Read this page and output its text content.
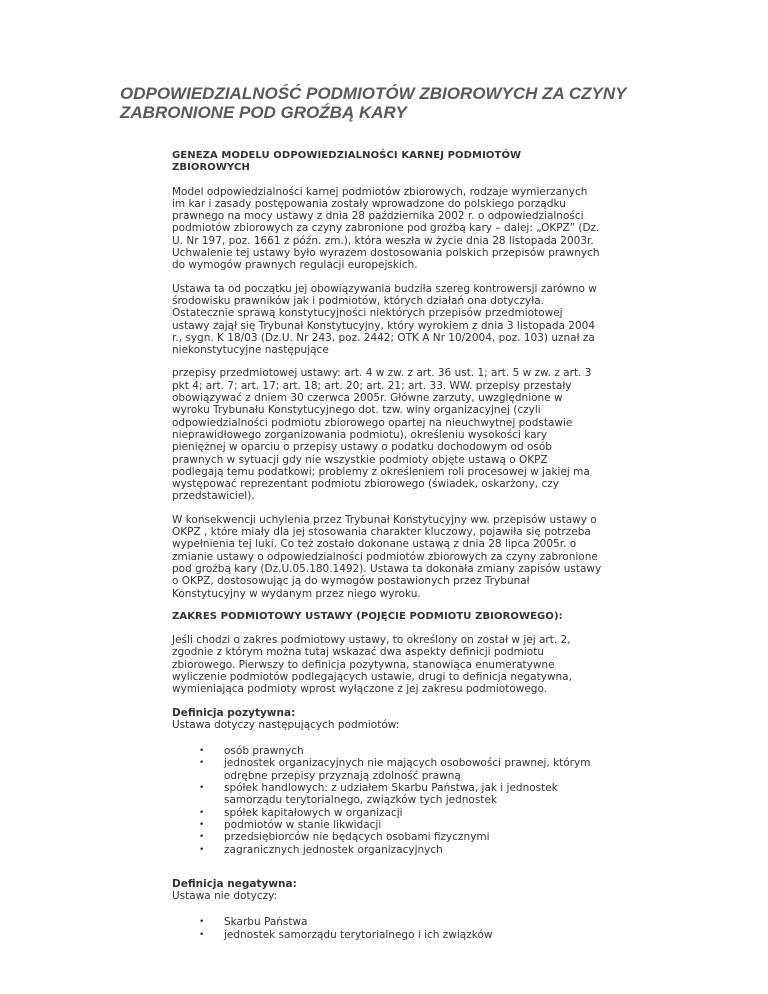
ODPOWIEDZIALNOŚĆ PODMIOTÓW ZBIOROWYCH ZA CZYNY ZABRONIONE POD GROŹBĄ KARY
GENEZA MODELU ODPOWIEDZIALNOŚCI KARNEJ PODMIOTÓW ZBIOROWYCH

Model odpowiedzialności karnej podmiotów zbiorowych, rodzaje wymierzanych im kar i zasady postępowania zostały wprowadzone do polskiego porządku prawnego na mocy ustawy z dnia 28 października 2002 r. o odpowiedzialności podmiotów zbiorowych za czyny zabronione pod groźbą kary – dalej: „OKPZ” (Dz. U. Nr 197, poz. 1661 z późn. zm.), która weszła w życie dnia 28 listopada 2003r. Uchwalenie tej ustawy było wyrazem dostosowania polskich przepisów prawnych do wymogów prawnych regulacji europejskich.

Ustawa ta od początku jej obowiązywania budziła szereg kontrowersji zarówno w środowisku prawników jak i podmiotów, których działań ona dotyczyła. Ostatecznie sprawą konstytucyjności niektórych przepisów przedmiotowej ustawy zajął się Trybunał Konstytucyjny, który wyrokiem z dnia 3 listopada 2004 r., sygn. K 18/03 (Dz.U. Nr 243, poz. 2442; OTK A Nr 10/2004, poz. 103) uznał za niekonstytucyjne następujące

przepisy przedmiotowej ustawy: art. 4 w zw. z art. 36 ust. 1; art. 5 w zw. z art. 3 pkt 4; art. 7; art. 17; art. 18; art. 20; art. 21; art. 33. WW. przepisy przestały obowiązywać z dniem 30 czerwca 2005r. Główne zarzuty, uwzględnione w wyroku Trybunału Konstytucyjnego dot. tzw. winy organizacyjnej (czyli odpowiedzialności podmiotu zbiorowego opartej na nieuchwytnej podstawie nieprawidłowego zorganizowania podmiotu), określeniu wysokości kary pieniężnej w oparciu o przepisy ustawy o podatku dochodowym od osób prawnych w sytuacji gdy nie wszystkie podmioty objęte ustawą o OKPZ podlegają temu podatkowi; problemy z określeniem roli procesowej w jakiej ma występować reprezentant podmiotu zbiorowego (świadek, oskarżony, czy przedstawiciel).

W konsekwencji uchylenia przez Trybunał Konstytucyjny ww. przepisów ustawy o OKPZ , które miały dla jej stosowania charakter kluczowy, pojawiła się potrzeba wypełnienia tej luki. Co też zostało dokonane ustawą z dnia 28 lipca 2005r. o zmianie ustawy o odpowiedzialności podmiotów zbiorowych za czyny zabronione pod groźbą kary (Dz.U.05.180.1492). Ustawa ta dokonała zmiany zapisów ustawy o OKPZ, dostosowując ją do wymogów postawionych przez Trybunał Konstytucyjny w wydanym przez niego wyroku.

ZAKRES PODMIOTOWY USTAWY (POJĘCIE PODMIOTU ZBIOROWEGO):

Jeśli chodzi o zakres podmiotowy ustawy, to określony on został w jej art. 2, zgodnie z którym można tutaj wskazać dwa aspekty definicji podmiotu zbiorowego. Pierwszy to definicja pozytywna, stanowiąca enumeratywne wyliczenie podmiotów podlegających ustawie, drugi to definicja negatywna, wymieniająca podmioty wprost wyłączone z jej zakresu podmiotowego.

Definicja pozytywna:
Ustawa dotyczy następujących podmiotów:
• osób prawnych
• jednostek organizacyjnych nie mających osobowości prawnej, którym odrębne przepisy przyznają zdolność prawną
• spółek handlowych: z udziałem Skarbu Państwa, jak i jednostek samorządu terytorialnego, związków tych jednostek
• spółek kapitałowych w organizacji
• podmiotów w stanie likwidacji
• przedsiębiorców nie będących osobami fizycznymi
• zagranicznych jednostek organizacyjnych
Definicja negatywna:
Ustawa nie dotyczy:
• Skarbu Państwa
• jednostek samorządu terytorialnego i ich związków
